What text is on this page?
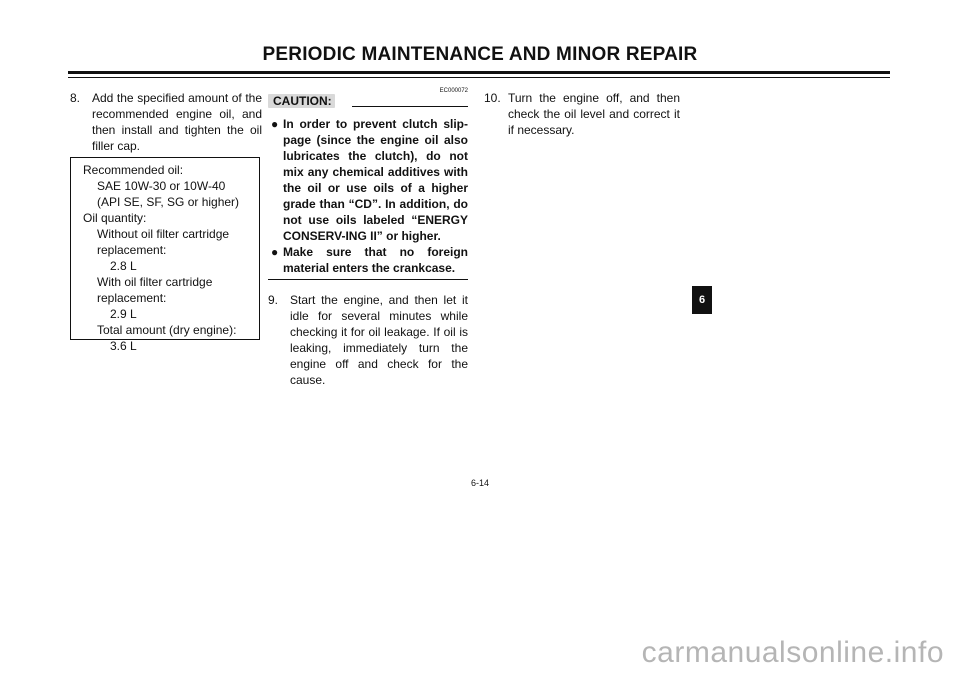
PERIODIC MAINTENANCE AND MINOR REPAIR
8. Add the specified amount of the recommended engine oil, and then install and tighten the oil filler cap.
Recommended oil:
SAE 10W-30 or 10W-40
(API SE, SF, SG or higher)
Oil quantity:
Without oil filter cartridge
replacement:
2.8 L
With oil filter cartridge
replacement:
2.9 L
Total amount (dry engine):
3.6 L
EC000072
CAUTION:
● In order to prevent clutch slip-page (since the engine oil also lubricates the clutch), do not mix any chemical additives with the oil or use oils of a higher grade than “CD”. In addition, do not use oils labeled “ENERGY CONSERV-ING II” or higher.
● Make sure that no foreign material enters the crankcase.
9. Start the engine, and then let it idle for several minutes while checking it for oil leakage. If oil is leaking, immediately turn the engine off and check for the cause.
10. Turn the engine off, and then check the oil level and correct it if necessary.
6-14
6
carmanualsonline.info
